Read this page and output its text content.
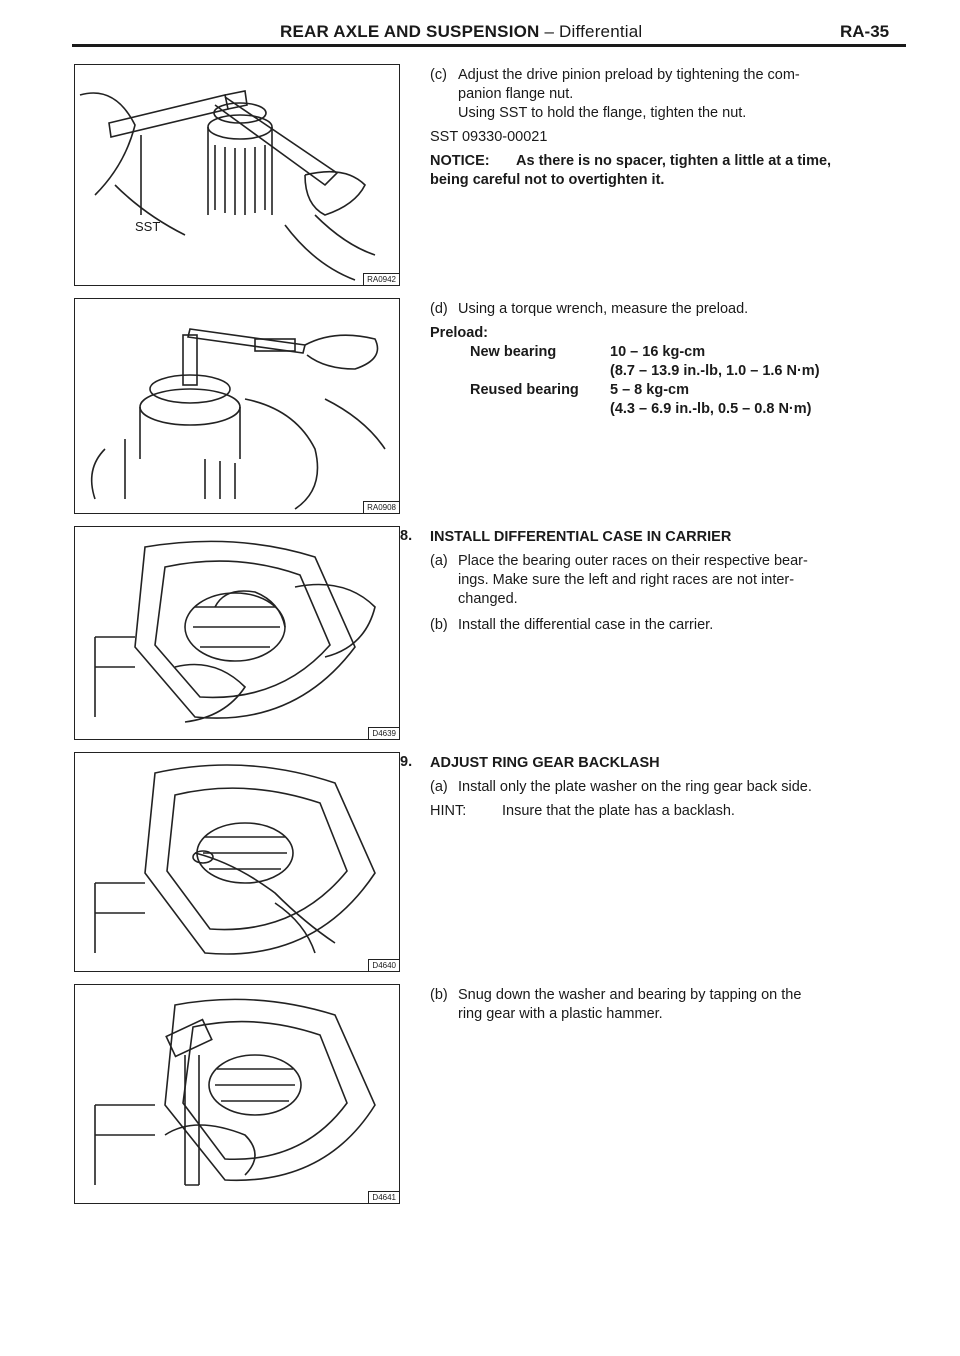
REAR AXLE AND SUSPENSION – Differential	RA-35
SST
RA0942
RA0908
D4639
D4640
D4641
(c) Adjust the drive pinion preload by tightening the com-
panion flange nut.
Using SST to hold the flange, tighten the nut.
SST 09330-00021
NOTICE: As there is no spacer, tighten a little at a time,
being careful not to overtighten it.
(d) Using a torque wrench, measure the preload.
Preload:
New bearing	10 – 16 kg-cm
(8.7 – 13.9 in.-lb, 1.0 – 1.6 N·m)
Reused bearing 5 – 8 kg-cm
(4.3 – 6.9 in.-lb, 0.5 – 0.8 N·m)
8. INSTALL DIFFERENTIAL CASE IN CARRIER
(a) Place the bearing outer races on their respective bear-
ings. Make sure the left and right races are not inter-
changed.
(b) Install the differential case in the carrier.
9. ADJUST RING GEAR BACKLASH
(a) Install only the plate washer on the ring gear back side.
HINT: Insure that the plate has a backlash.
(b) Snug down the washer and bearing by tapping on the
ring gear with a plastic hammer.
